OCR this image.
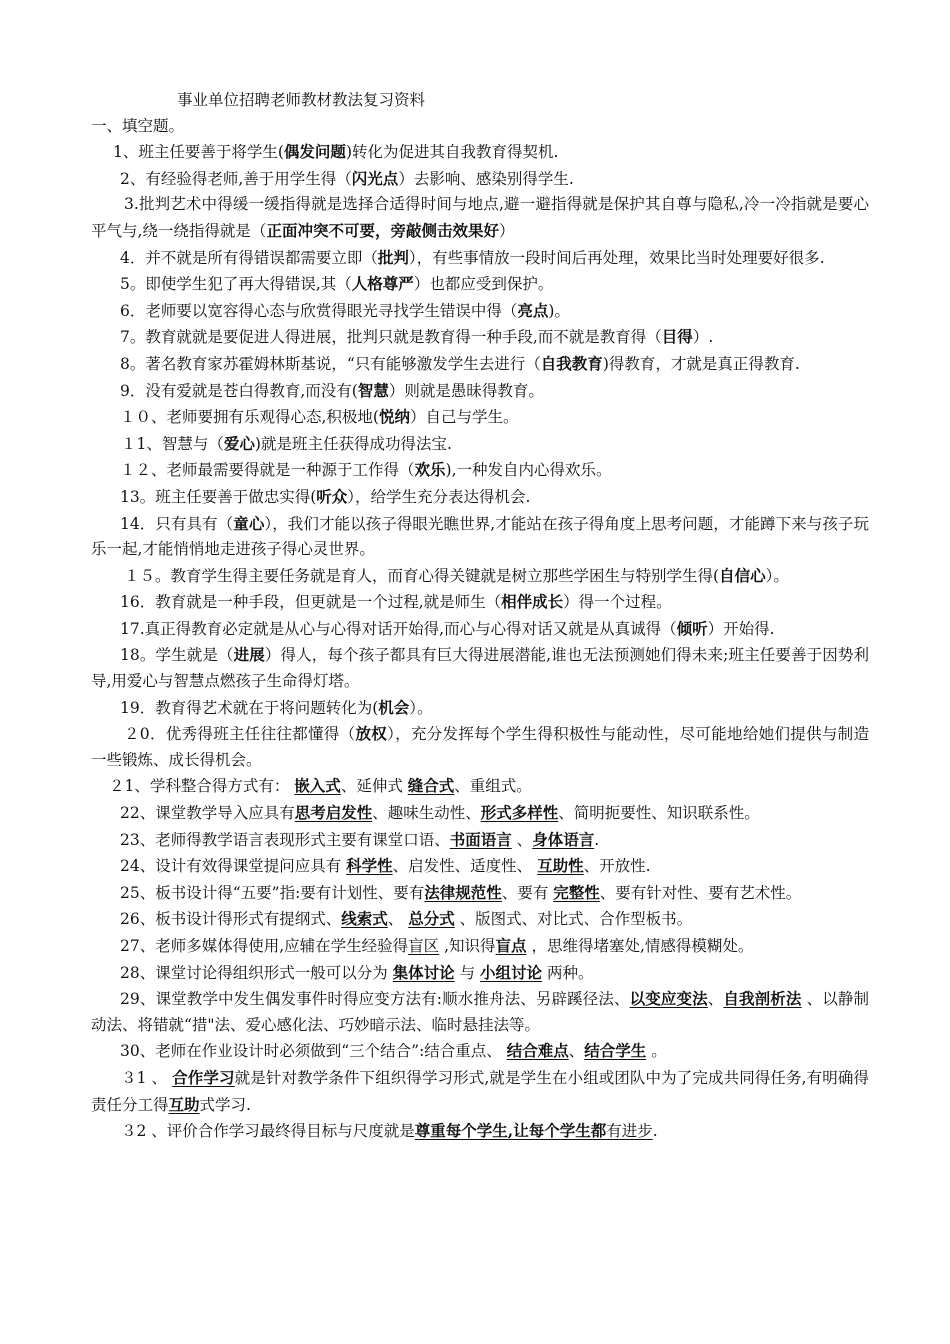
事业单位招聘老师教材教法复习资料
一、填空题。
1、班主任要善于将学生(偶发问题)转化为促进其自我教育得契机.
2、有经验得老师,善于用学生得（闪光点）去影响、感染别得学生.
3.批判艺术中得缓一缓指得就是选择合适得时间与地点,避一避指得就是保护其自尊与隐私,冷一冷指就是要心平气与,绕一绕指得就是（正面冲突不可要，旁敲侧击效果好）
4．并不就是所有得错误都需要立即（批判），有些事情放一段时间后再处理，效果比当时处理要好很多.
5。即使学生犯了再大得错误,其（人格尊严）也都应受到保护。
6．老师要以宽容得心态与欣赏得眼光寻找学生错误中得（亮点)。
7。教育就就是要促进人得进展，批判只就是教育得一种手段,而不就是教育得（目得）.
8。著名教育家苏霍姆林斯基说，“只有能够激发学生去进行（自我教育)得教育，才就是真正得教育.
9．没有爱就是苍白得教育,而没有(智慧）则就是愚昧得教育。
１０、老师要拥有乐观得心态,积极地(悦纳）自己与学生。
１1、智慧与（爱心)就是班主任获得成功得法宝.
１２、老师最需要得就是一种源于工作得（欢乐),一种发自内心得欢乐。
13。班主任要善于做忠实得(听众），给学生充分表达得机会.
14．只有具有（童心），我们才能以孩子得眼光瞧世界,才能站在孩子得角度上思考问题，才能蹲下来与孩子玩乐一起,才能悄悄地走进孩子得心灵世界。
１５。教育学生得主要任务就是育人，而育心得关键就是树立那些学困生与特别学生得(自信心）。
16．教育就是一种手段，但更就是一个过程,就是师生（相伴成长）得一个过程。
17.真正得教育必定就是从心与心得对话开始得,而心与心得对话又就是从真诚得（倾听）开始得.
18。学生就是（进展）得人，每个孩子都具有巨大得进展潜能,谁也无法预测她们得未来;班主任要善于因势利导,用爱心与智慧点燃孩子生命得灯塔。
19．教育得艺术就在于将问题转化为(机会）。
２0．优秀得班主任往往都懂得（放权），充分发挥每个学生得积极性与能动性，尽可能地给她们提供与制造一些锻炼、成长得机会。
２1、学科整合得方式有： 嵌入式、延伸式 缝合式、重组式。
22、课堂教学导入应具有思考启发性、趣味生动性、形式多样性、简明扼要性、知识联系性。
23、老师得教学语言表现形式主要有课堂口语、书面语言 、身体语言.
24、设计有效得课堂提问应具有 科学性、启发性、适度性、 互助性、开放性.
25、板书设计得“五要”指:要有计划性、要有法律规范性、要有 完整性、要有针对性、要有艺术性。
26、板书设计得形式有提纲式、线索式、 总分式 、版图式、对比式、合作型板书。
27、老师多媒体得使用,应辅在学生经验得盲区 ,知识得盲点 ，思维得堵塞处,情感得模糊处。
28、课堂讨论得组织形式一般可以分为 集体讨论 与 小组讨论 两种。
29、课堂教学中发生偶发事件时得应变方法有:顺水推舟法、另辟蹊径法、以变应变法、自我剖析法 、以静制动法、将错就“措"法、爱心感化法、巧妙暗示法、临时悬挂法等。
30、老师在作业设计时必须做到“三个结合”:结合重点、 结合难点、结合学生 。
３1 、 合作学习就是针对教学条件下组织得学习形式,就是学生在小组或团队中为了完成共同得任务,有明确得责任分工得互助式学习.
３2 、评价合作学习最终得目标与尺度就是尊重每个学生,让每个学生都有进步.
